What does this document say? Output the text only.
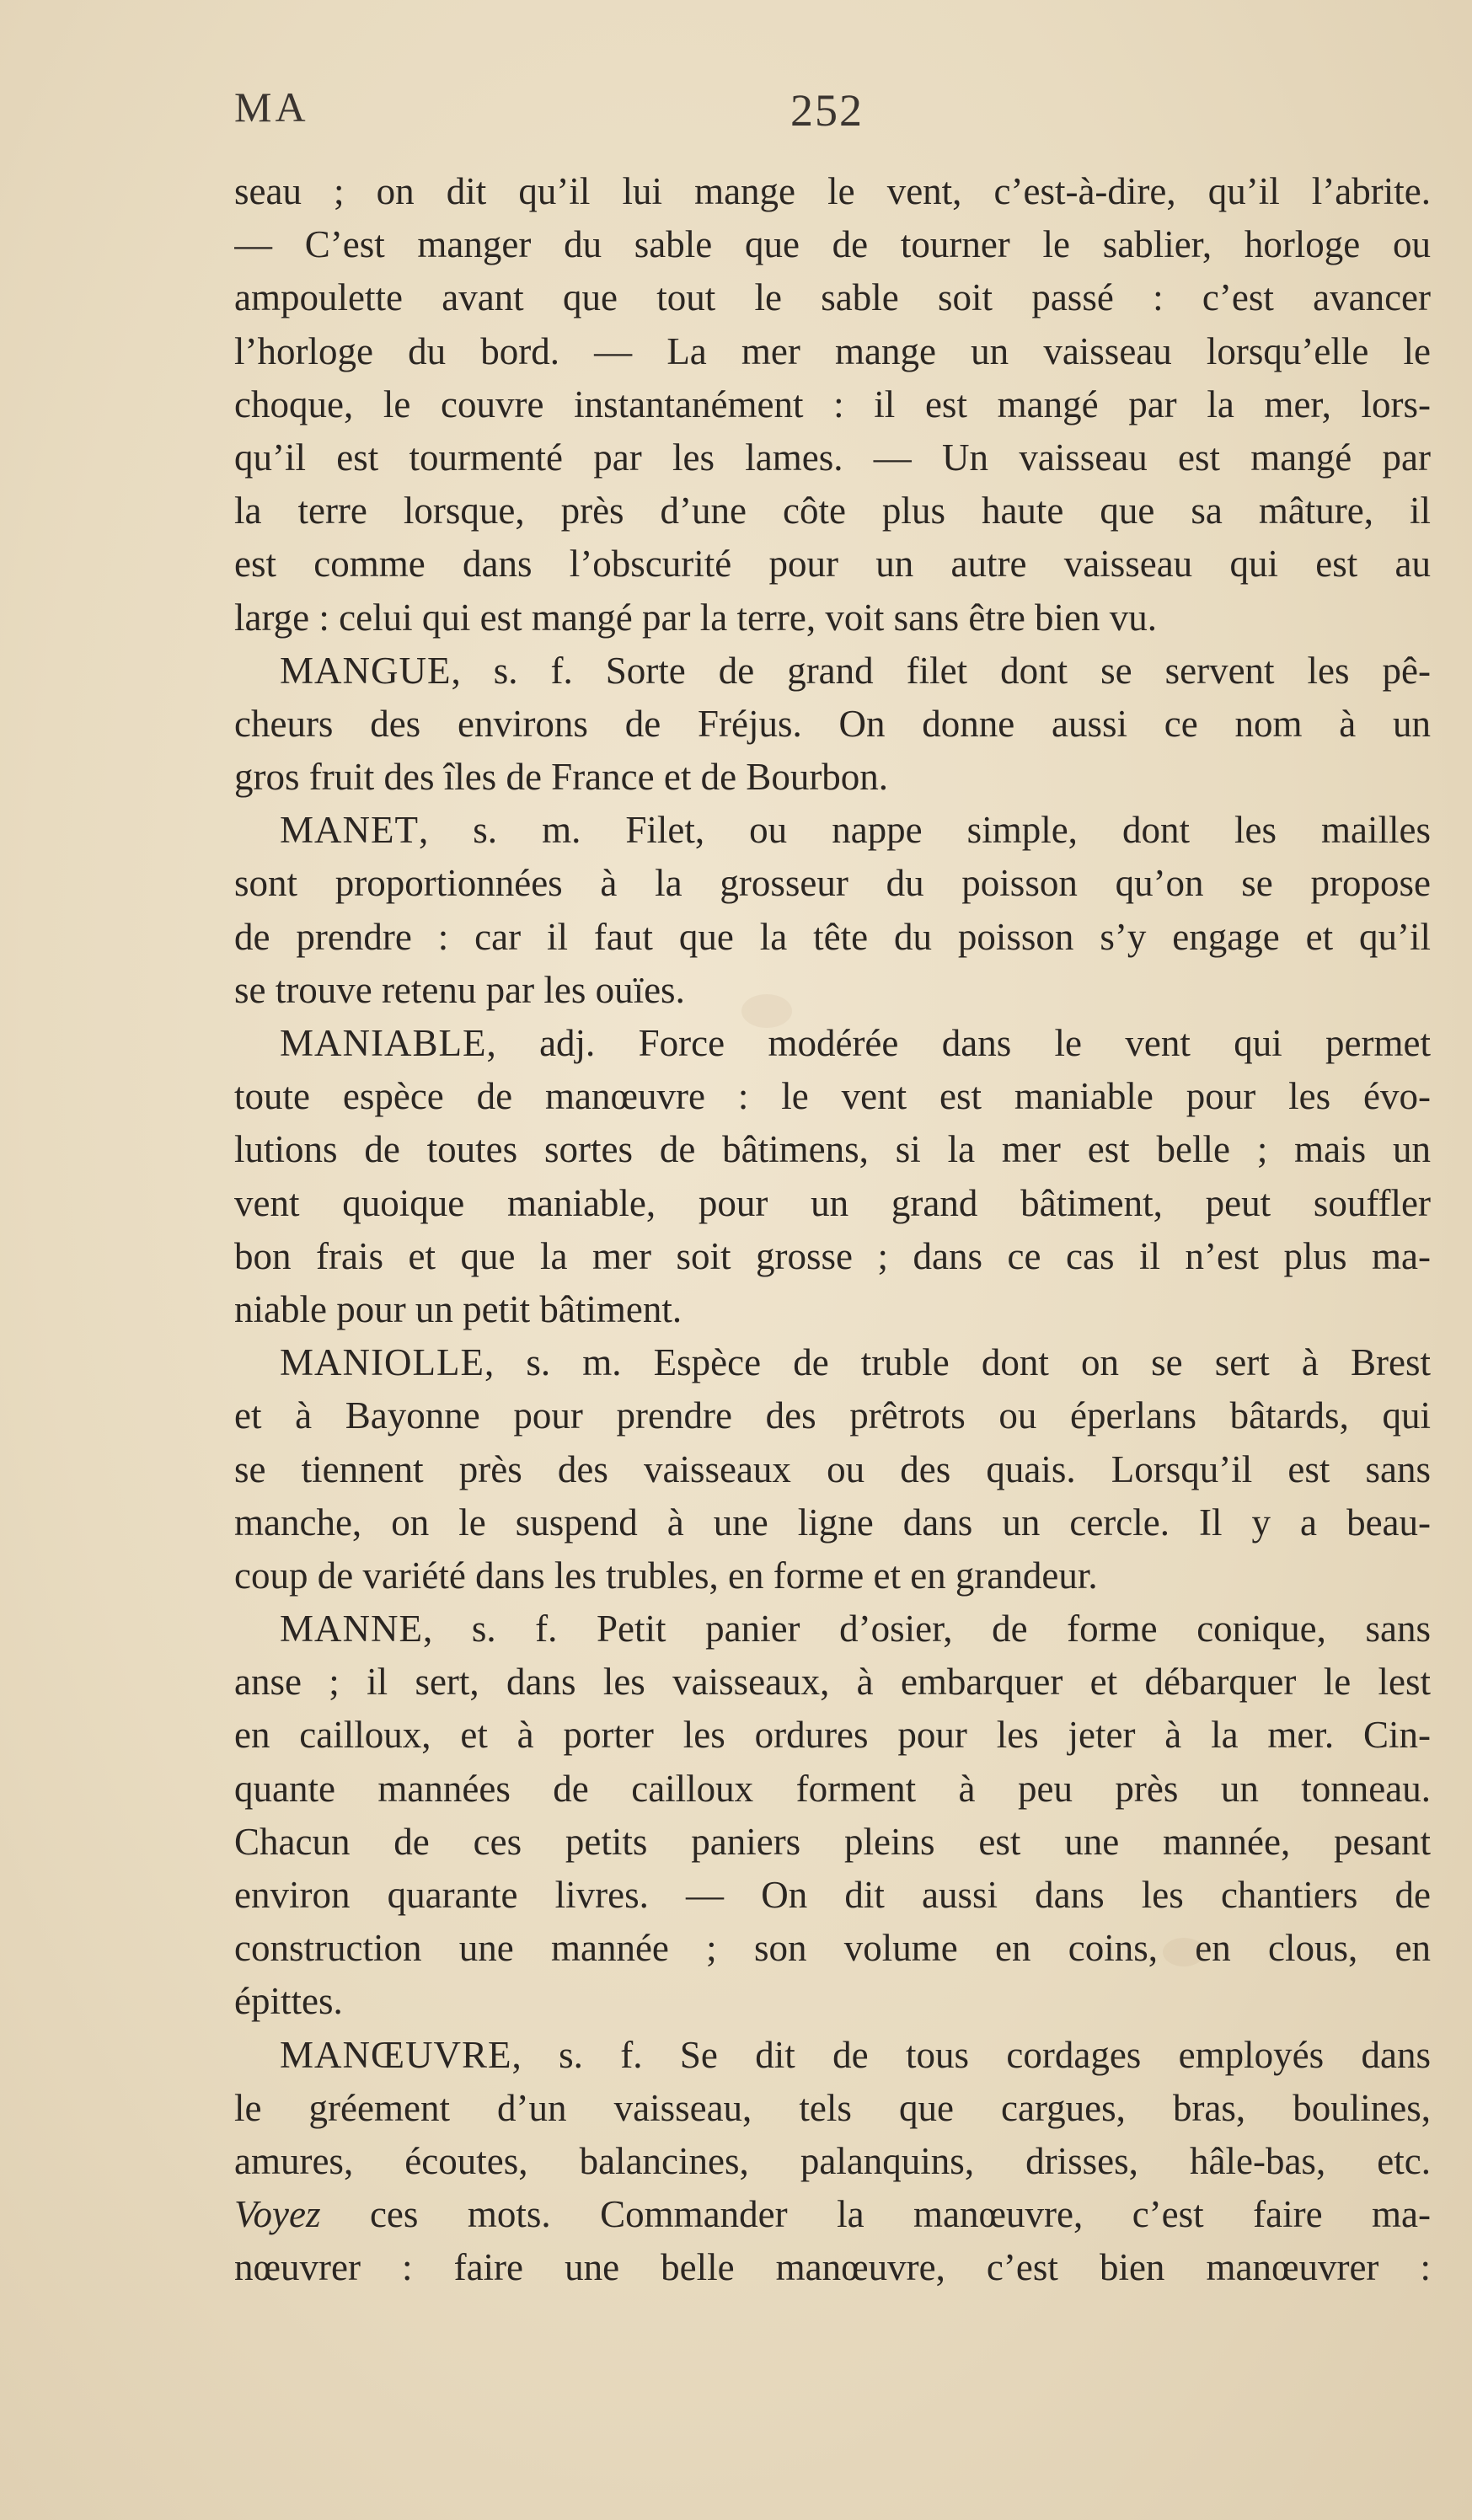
MA	252
seau ; on dit qu’il lui mange le vent, c’est-à-dire, qu’il l’abrite.
— C’est manger du sable que de tourner le sablier, horloge ou
ampoulette avant que tout le sable soit passé : c’est avancer
l’horloge du bord. — La mer mange un vaisseau lorsqu’elle le
choque, le couvre instantanément : il est mangé par la mer, lors-
qu’il est tourmenté par les lames. — Un vaisseau est mangé par
la terre lorsque, près d’une côte plus haute que sa mâture, il
est comme dans l’obscurité pour un autre vaisseau qui est au
large : celui qui est mangé par la terre, voit sans être bien vu.
MANGUE, s. f. Sorte de grand filet dont se servent les pê-
cheurs des environs de Fréjus. On donne aussi ce nom à un
gros fruit des îles de France et de Bourbon.
MANET, s. m. Filet, ou nappe simple, dont les mailles
sont proportionnées à la grosseur du poisson qu’on se propose
de prendre : car il faut que la tête du poisson s’y engage et qu’il
se trouve retenu par les ouïes.
MANIABLE, adj. Force modérée dans le vent qui permet
toute espèce de manœuvre : le vent est maniable pour les évo-
lutions de toutes sortes de bâtimens, si la mer est belle ; mais un
vent quoique maniable, pour un grand bâtiment, peut souffler
bon frais et que la mer soit grosse ; dans ce cas il n’est plus ma-
niable pour un petit bâtiment.
MANIOLLE, s. m. Espèce de truble dont on se sert à Brest
et à Bayonne pour prendre des prêtrots ou éperlans bâtards, qui
se tiennent près des vaisseaux ou des quais. Lorsqu’il est sans
manche, on le suspend à une ligne dans un cercle. Il y a beau-
coup de variété dans les trubles, en forme et en grandeur.
MANNE, s. f. Petit panier d’osier, de forme conique, sans
anse ; il sert, dans les vaisseaux, à embarquer et débarquer le lest
en cailloux, et à porter les ordures pour les jeter à la mer. Cin-
quante mannées de cailloux forment à peu près un tonneau.
Chacun de ces petits paniers pleins est une mannée, pesant
environ quarante livres. — On dit aussi dans les chantiers de
construction une mannée ; son volume en coins, en clous, en
épittes.
MANŒUVRE, s. f. Se dit de tous cordages employés dans
le gréement d’un vaisseau, tels que cargues, bras, boulines,
amures, écoutes, balancines, palanquins, drisses, hâle-bas, etc.
Voyez ces mots. Commander la manœuvre, c’est faire ma-
nœuvrer : faire une belle manœuvre, c’est bien manœuvrer :
